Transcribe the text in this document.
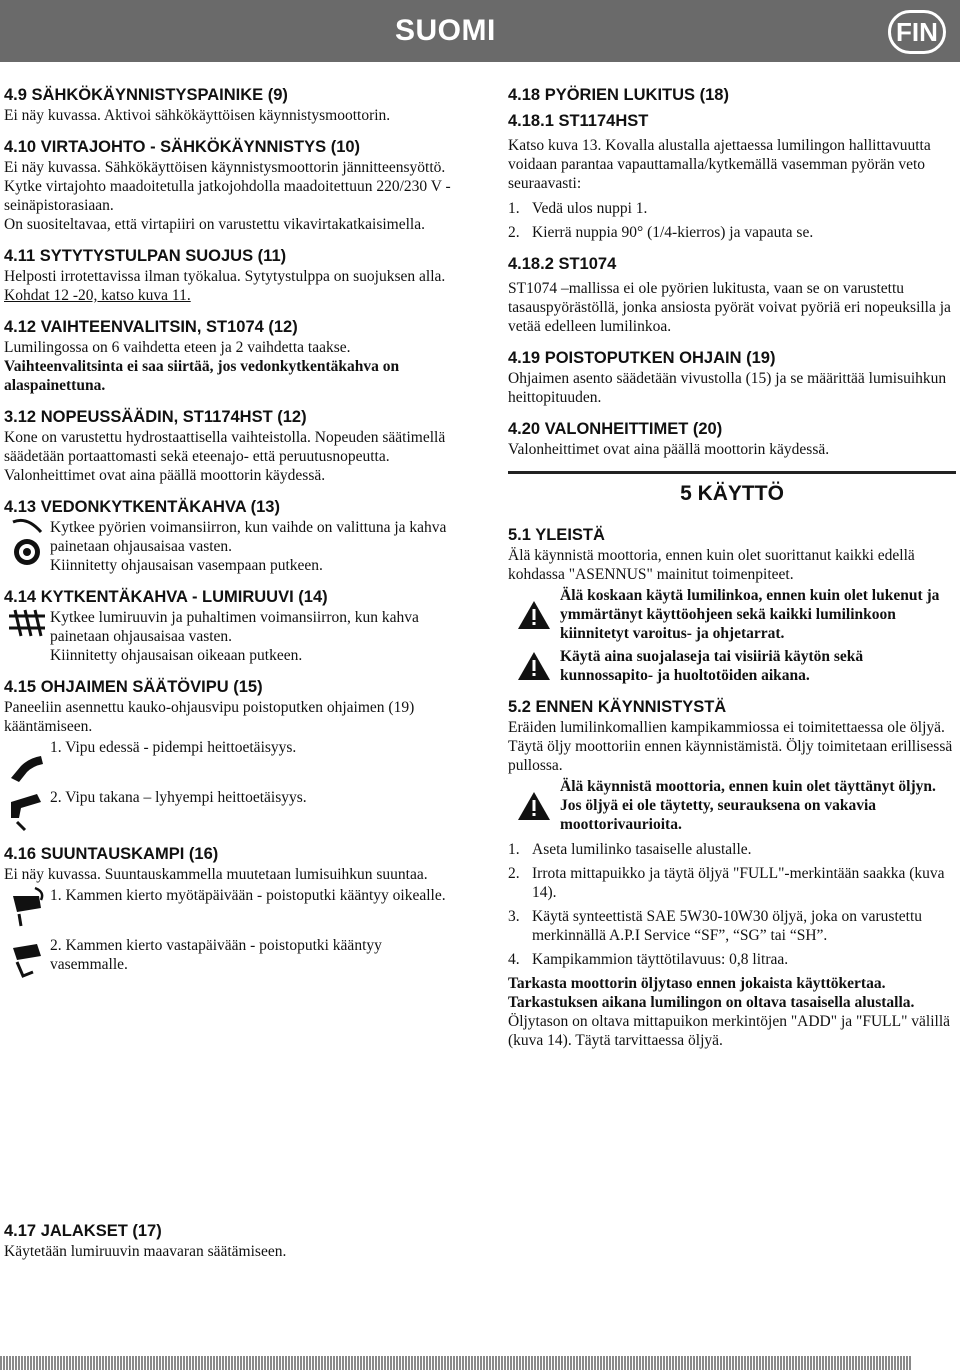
SUOMI	FIN

4.9 SÄHKÖKÄYNNISTYSPAINIKE (9)

Ei näy kuvassa. Aktivoi sähkökäyttöisen käynnistysmoottorin.

4.10 VIRTAJOHTO - SÄHKÖKÄYNNISTYS (10)

Ei näy kuvassa. Sähkökäyttöisen käynnistysmoottorin jännitteensyöttö. Kytke virtajohto maadoitetulla jatkojohdolla maadoitettuun 220/230 V -seinäpistorasiaan.

On suositeltavaa, että virtapiiri on varustettu vikavirtakatkaisimella.

4.11 SYTYTYSTULPAN SUOJUS (11)

Helposti irrotettavissa ilman työkalua. Sytytystulppa on suojuksen alla.

Kohdat 12 -20, katso kuva 11.

4.12 VAIHTEENVALITSIN, ST1074 (12)

Lumilingossa on 6 vaihdetta eteen ja 2 vaihdetta taakse.

Vaihteenvalitsinta ei saa siirtää, jos vedonkytkentäkahva on alaspainettuna.

3.12 NOPEUSSÄÄDIN, ST1174HST (12)

Kone on varustettu hydrostaattisella vaihteistolla. Nopeuden säätimellä säädetään portaattomasti sekä eteenajo- että peruutusnopeutta.

Valonheittimet ovat aina päällä moottorin käydessä.

4.13 VEDONKYTKENTÄKAHVA (13)

Kytkee pyörien voimansiirron, kun vaihde on valittuna ja kahva painetaan ohjausaisaa vasten.

Kiinnitetty ohjausaisan vasempaan putkeen.

4.14 KYTKENTÄKAHVA - LUMIRUUVI (14)

Kytkee lumiruuvin ja puhaltimen voimansiirron, kun kahva painetaan ohjausaisaa vasten.

Kiinnitetty ohjausaisan oikeaan putkeen.

4.15 OHJAIMEN SÄÄTÖVIPU (15)

Paneeliin asennettu kauko-ohjausvipu poistoputken ohjaimen (19) kääntämiseen.

1. Vipu edessä - pidempi heittoetäisyys.

2. Vipu takana – lyhyempi heittoetäisyys.

4.16 SUUNTAUSKAMPI (16)

Ei näy kuvassa. Suuntauskammella muutetaan lumisuihkun suuntaa.

1. Kammen kierto myötäpäivään - poistoputki kääntyy oikealle.

2. Kammen kierto vastapäivään - poistoputki kääntyy vasemmalle.

4.17 JALAKSET (17)

Käytetään lumiruuvin maavaran säätämiseen.

4.18 PYÖRIEN LUKITUS (18)

4.18.1 ST1174HST

Katso kuva 13. Kovalla alustalla ajettaessa lumilingon hallittavuutta voidaan parantaa vapauttamalla/kytkemällä vasemman pyörän veto seuraavasti:

1. Vedä ulos nuppi 1.
2. Kierrä nuppia 90° (1/4-kierros) ja vapauta se.

4.18.2 ST1074

ST1074 –mallissa ei ole pyörien lukitusta, vaan se on varustettu tasauspyörästöllä, jonka ansiosta pyörät voivat pyöriä eri nopeuksilla ja vetää edelleen lumilinkoa.

4.19 POISTOPUTKEN OHJAIN (19)

Ohjaimen asento säädetään vivustolla (15) ja se määrittää lumisuihkun heittopituuden.

4.20 VALONHEITTIMET (20)

Valonheittimet ovat aina päällä moottorin käydessä.

5 KÄYTTÖ

5.1 YLEISTÄ

Älä käynnistä moottoria, ennen kuin olet suorittanut kaikki edellä kohdassa "ASENNUS" mainitut toimenpiteet.

Älä koskaan käytä lumilinkoa, ennen kuin olet lukenut ja ymmärtänyt käyttöohjeen sekä kaikki lumilinkoon kiinnitetyt varoitus- ja ohjetarrat.

Käytä aina suojalaseja tai visiiriä käytön sekä kunnossapito- ja huoltotöiden aikana.

5.2 ENNEN KÄYNNISTYSTÄ

Eräiden lumilinkomallien kampikammiossa ei toimitettaessa ole öljyä. Täytä öljy moottoriin ennen käynnistämistä. Öljy toimitetaan erillisessä pullossa.

Älä käynnistä moottoria, ennen kuin olet täyttänyt öljyn. Jos öljyä ei ole täytetty, seurauksena on vakavia moottorivaurioita.

1. Aseta lumilinko tasaiselle alustalle.
2. Irrota mittapuikko ja täytä öljyä "FULL"-merkintään saakka (kuva 14).
3. Käytä synteettistä SAE 5W30-10W30 öljyä, joka on varustettu merkinnällä A.P.I Service “SF”, “SG” tai “SH”.
4. Kampikammion täyttötilavuus: 0,8 litraa.

Tarkasta moottorin öljytaso ennen jokaista käyttökertaa. Tarkastuksen aikana lumilingon on oltava tasaisella alustalla.

Öljytason on oltava mittapuikon merkintöjen "ADD" ja "FULL" välillä (kuva 14). Täytä tarvittaessa öljyä.
